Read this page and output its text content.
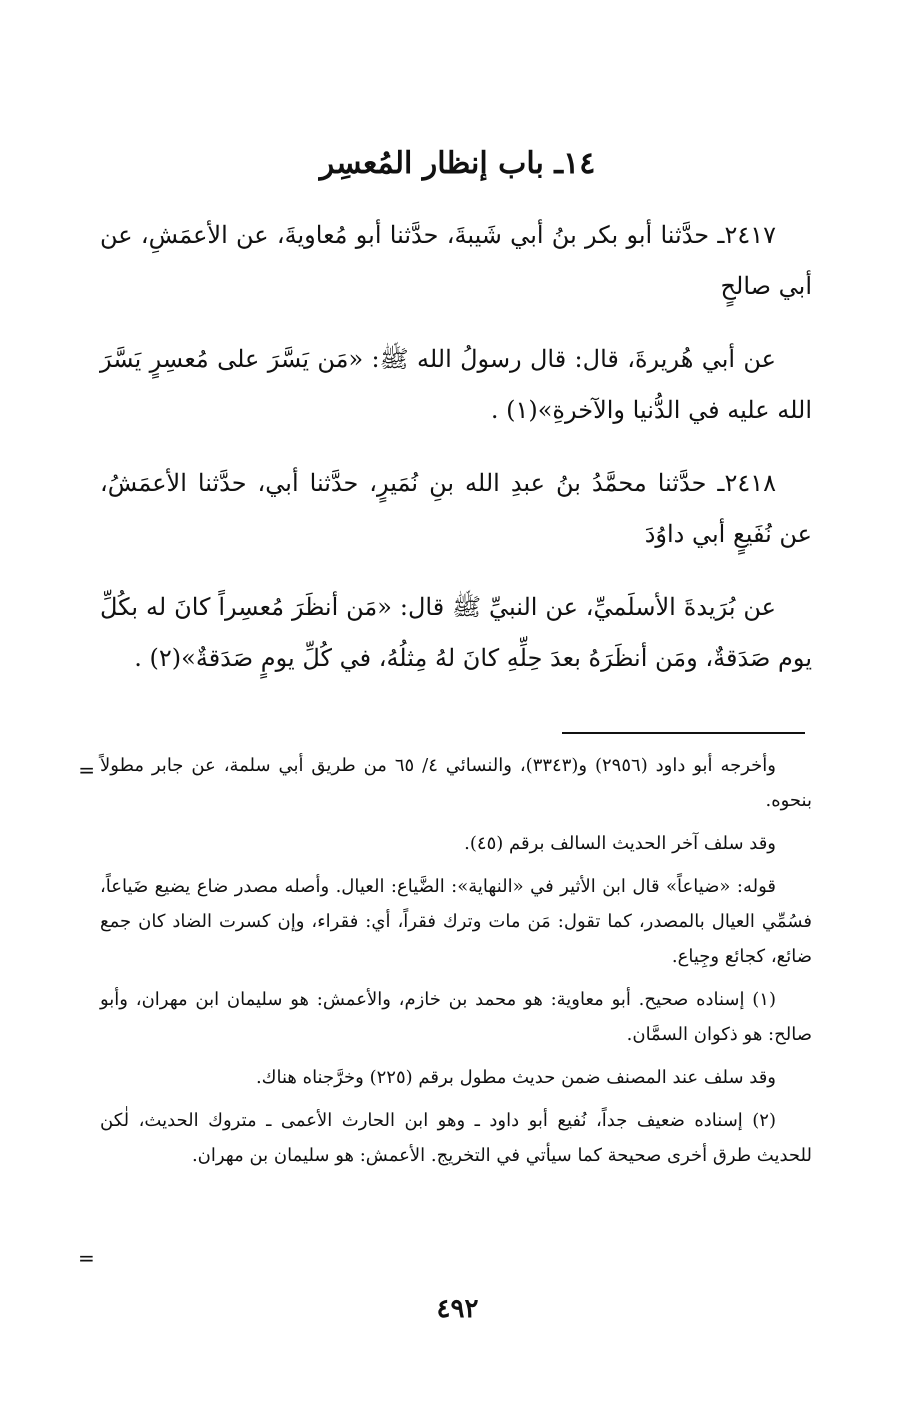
١٤ـ باب إنظار المُعسِر

٢٤١٧ـ حدَّثنا أبو بكر بنُ أبي شَيبةَ، حدَّثنا أبو مُعاويةَ، عن الأعمَشِ، عن أبي صالحٍ

عن أبي هُريرةَ، قال: قال رسولُ الله ﷺ: «مَن يَسَّرَ على مُعسِرٍ يَسَّرَ الله عليه في الدُّنيا والآخرةِ»(١) .

٢٤١٨ـ حدَّثنا محمَّدُ بنُ عبدِ الله بنِ نُمَيرٍ، حدَّثنا أبي، حدَّثنا الأعمَشُ، عن نُفَيعٍ أبي داوُدَ

عن بُرَيدةَ الأسلَميِّ، عن النبيِّ ﷺ قال: «مَن أنظَرَ مُعسِراً كانَ له بكُلِّ يوم صَدَقةٌ، ومَن أنظَرَهُ بعدَ حِلِّهِ كانَ لهُ مِثلُهُ، في كُلِّ يومٍ صَدَقةٌ»(٢) .

= وأخرجه أبو داود (٢٩٥٦) و(٣٣٤٣)، والنسائي ٤/ ٦٥ من طريق أبي سلمة، عن جابر مطولاً بنحوه.

وقد سلف آخر الحديث السالف برقم (٤٥).

قوله: «ضياعاً» قال ابن الأثير في «النهاية»: الضَّياع: العيال. وأصله مصدر ضاع يضيع ضَياعاً، فسُمِّي العيال بالمصدر، كما تقول: مَن مات وترك فقراً، أي: فقراء، وإن كسرت الضاد كان جمع ضائع، كجائع وجِياع.

(١) إسناده صحيح. أبو معاوية: هو محمد بن خازم، والأعمش: هو سليمان ابن مهران، وأبو صالح: هو ذكوان السمَّان.

وقد سلف عند المصنف ضمن حديث مطول برقم (٢٢٥) وخرَّجناه هناك.

(٢) إسناده ضعيف جداً، نُفيع أبو داود ـ وهو ابن الحارث الأعمى ـ متروك الحديث، لٰكن للحديث طرق أخرى صحيحة كما سيأتي في التخريج. الأعمش: هو سليمان بن مهران.

=
٤٩٢
